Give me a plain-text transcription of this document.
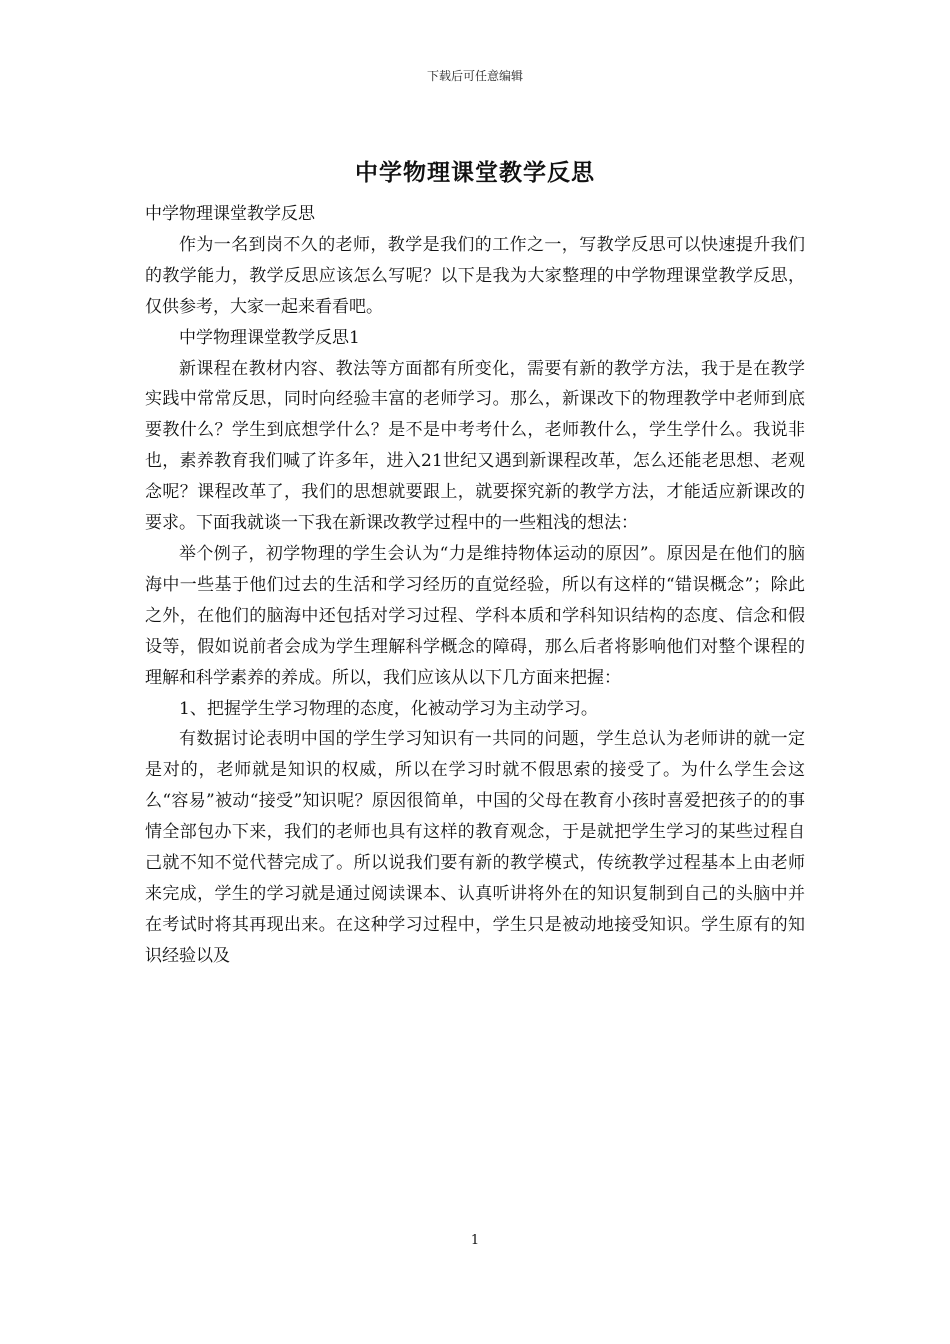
下载后可任意编辑
中学物理课堂教学反思

中学物理课堂教学反思

作为一名到岗不久的老师，教学是我们的工作之一，写教学反思可以快速提升我们的教学能力，教学反思应该怎么写呢？以下是我为大家整理的中学物理课堂教学反思，仅供参考，大家一起来看看吧。

中学物理课堂教学反思1

新课程在教材内容、教法等方面都有所变化，需要有新的教学方法，我于是在教学实践中常常反思，同时向经验丰富的老师学习。那么，新课改下的物理教学中老师到底要教什么？学生到底想学什么？是不是中考考什么，老师教什么，学生学什么。我说非也，素养教育我们喊了许多年，进入21世纪又遇到新课程改革，怎么还能老思想、老观念呢？课程改革了，我们的思想就要跟上，就要探究新的教学方法，才能适应新课改的要求。下面我就谈一下我在新课改教学过程中的一些粗浅的想法：

举个例子，初学物理的学生会认为“力是维持物体运动的原因”。原因是在他们的脑海中一些基于他们过去的生活和学习经历的直觉经验，所以有这样的“错误概念”；除此之外，在他们的脑海中还包括对学习过程、学科本质和学科知识结构的态度、信念和假设等，假如说前者会成为学生理解科学概念的障碍，那么后者将影响他们对整个课程的理解和科学素养的养成。所以，我们应该从以下几方面来把握：

1、把握学生学习物理的态度，化被动学习为主动学习。

有数据讨论表明中国的学生学习知识有一共同的问题，学生总认为老师讲的就一定是对的，老师就是知识的权威，所以在学习时就不假思索的接受了。为什么学生会这么“容易”被动“接受”知识呢？原因很简单，中国的父母在教育小孩时喜爱把孩子的的事情全部包办下来，我们的老师也具有这样的教育观念，于是就把学生学习的某些过程自己就不知不觉代替完成了。所以说我们要有新的教学模式，传统教学过程基本上由老师来完成，学生的学习就是通过阅读课本、认真听讲将外在的知识复制到自己的头脑中并在考试时将其再现出来。在这种学习过程中，学生只是被动地接受知识。学生原有的知识经验以及

1
